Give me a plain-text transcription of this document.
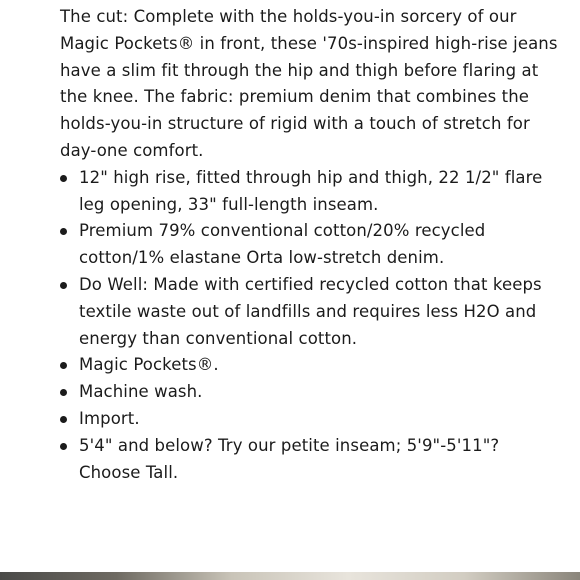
The cut: Complete with the holds-you-in sorcery of our Magic Pockets® in front, these '70s-inspired high-rise jeans have a slim fit through the hip and thigh before flaring at the knee. The fabric: premium denim that combines the holds-you-in structure of rigid with a touch of stretch for day-one comfort.

12" high rise, fitted through hip and thigh, 22 1/2" flare leg opening, 33" full-length inseam.
Premium 79% conventional cotton/20% recycled cotton/1% elastane Orta low-stretch denim.
Do Well: Made with certified recycled cotton that keeps textile waste out of landfills and requires less H2O and energy than conventional cotton.
Magic Pockets®.
Machine wash.
Import.
5'4" and below? Try our petite inseam; 5'9"-5'11"? Choose Tall.
